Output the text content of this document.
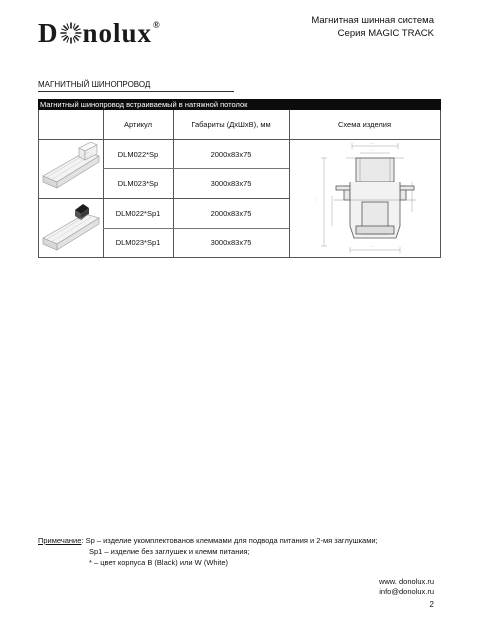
D nolux®	Магнитная шинная система
Серия MAGIC TRACK
МАГНИТНЫЙ ШИНОПРОВОД
Магнитный шинопровод встраиваемый в натяжной потолок
Артикул	Габариты (ДхШхВ), мм	Схема изделия
DLM022*Sp	2000x83x75
DLM023*Sp	3000x83x75
DLM022*Sp1	2000x83x75
DLM023*Sp1	3000x83x75
·····
····
·····
····
Примечание: Sp – изделие укомплектованов клеммами для подвода питания и 2-мя заглушками;
Sp1 – изделие без заглушек и клемм питания;
* – цвет корпуса B (Black) или W (White)
www. donolux.ru
info@donolux.ru
2
